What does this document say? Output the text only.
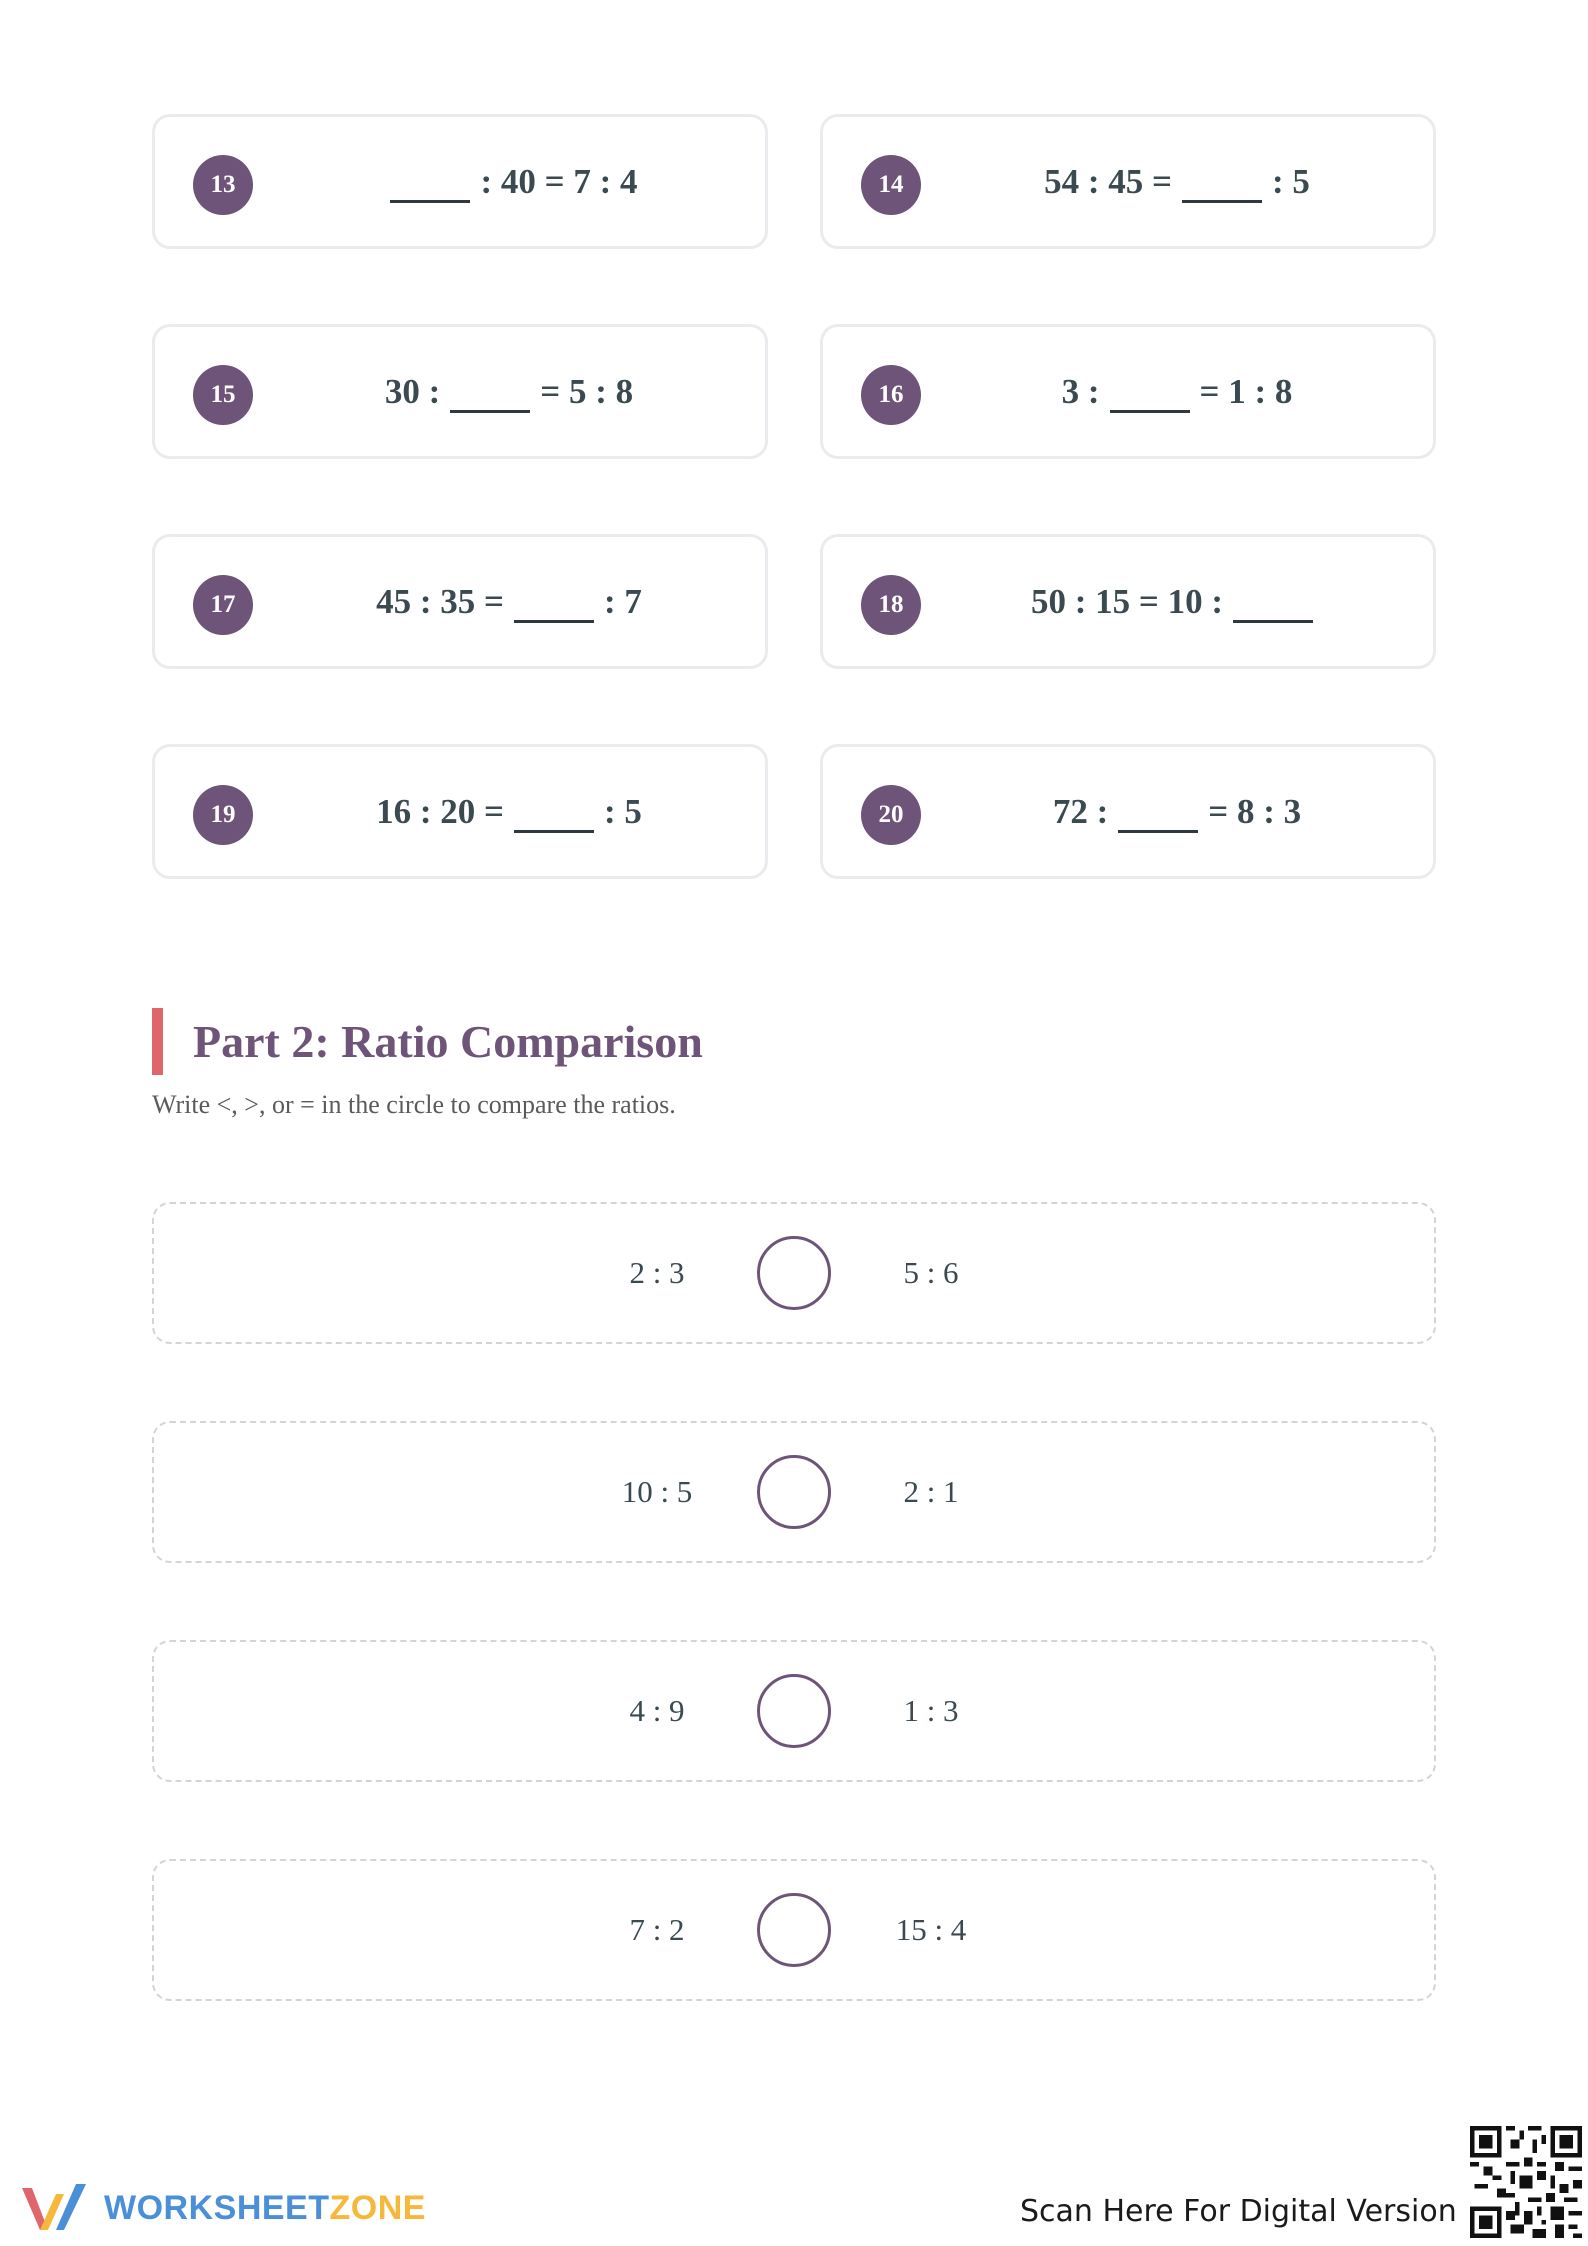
13	: 40 = 7 : 4	14	54 : 45 =	: 5
15	30 :	= 5 : 8	16	3 :	= 1 : 8
17	45 : 35 =	: 7	18	50 : 15 = 10 :
19	16 : 20 =	: 5	20	72 :	= 8 : 3
Part 2: Ratio Comparison
Write <, >, or = in the circle to compare the ratios.
2 : 3	5 : 6
10 : 5	2 : 1
4 : 9	1 : 3
7 : 2	15 : 4
WORKSHEETZONE	Scan Here For Digital Version
